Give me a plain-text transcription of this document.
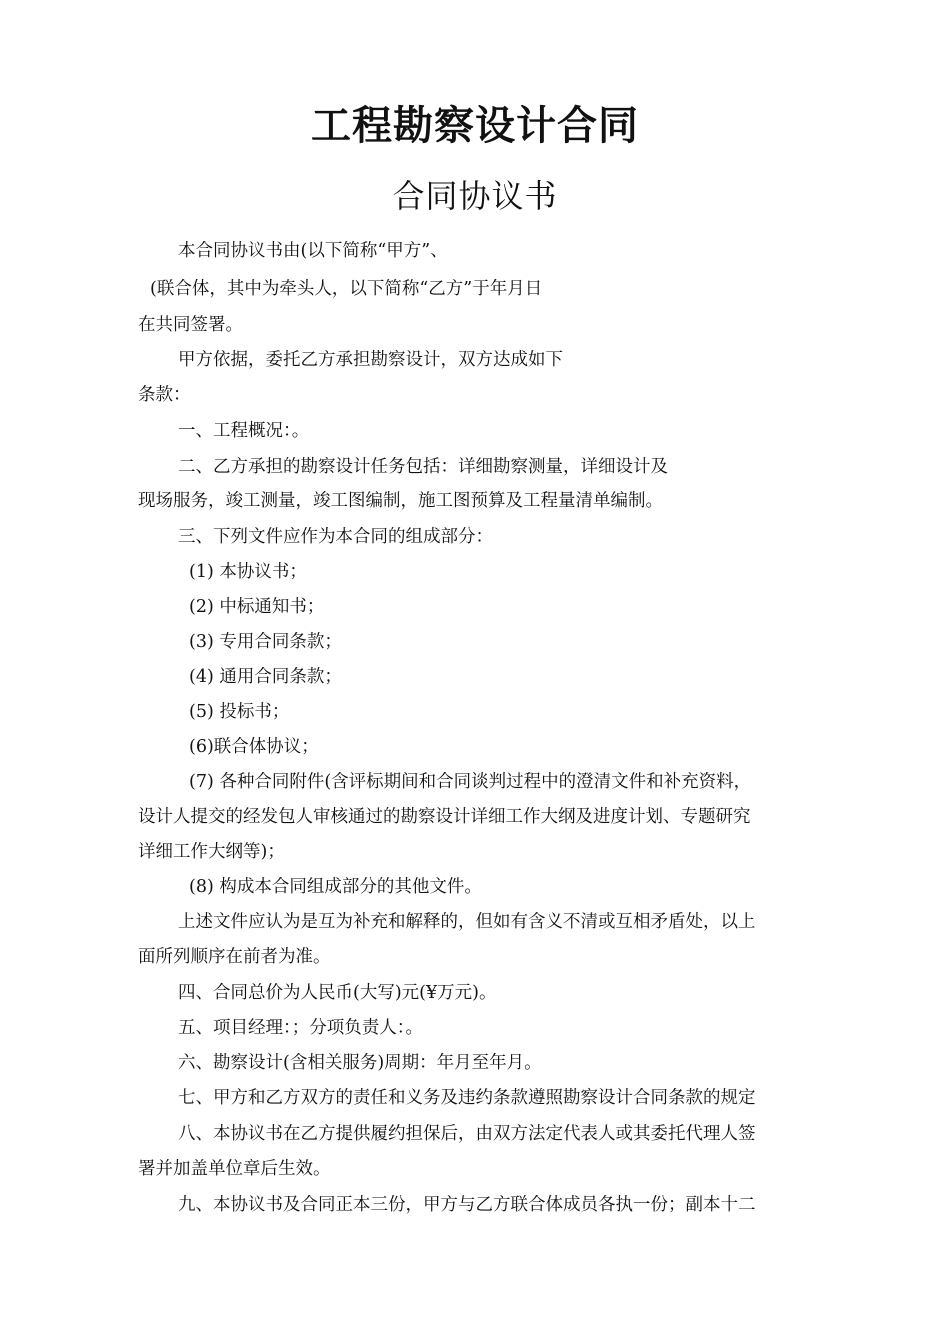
工程勘察设计合同
合同协议书

本合同协议书由(以下简称“甲方”、

(联合体，其中为牵头人，以下简称“乙方”于年月日

在共同签署。

甲方依据，委托乙方承担勘察设计，双方达成如下

条款：

一、工程概况：。

二、乙方承担的勘察设计任务包括：详细勘察测量，详细设计及

现场服务，竣工测量，竣工图编制，施工图预算及工程量清单编制。

三、下列文件应作为本合同的组成部分：

(1) 本协议书；

(2) 中标通知书；

(3) 专用合同条款；

(4) 通用合同条款；

(5) 投标书；

(6)联合体协议；

(7) 各种合同附件(含评标期间和合同谈判过程中的澄清文件和补充资料，

设计人提交的经发包人审核通过的勘察设计详细工作大纲及进度计划、专题研究

详细工作大纲等)；

(8) 构成本合同组成部分的其他文件。

上述文件应认为是互为补充和解释的，但如有含义不清或互相矛盾处，以上

面所列顺序在前者为准。

四、合同总价为人民币(大写)元(¥万元)。

五、项目经理：；分项负责人：。

六、勘察设计(含相关服务)周期：年月至年月。

七、甲方和乙方双方的责任和义务及违约条款遵照勘察设计合同条款的规定

八、本协议书在乙方提供履约担保后，由双方法定代表人或其委托代理人签

署并加盖单位章后生效。

九、本协议书及合同正本三份，甲方与乙方联合体成员各执一份；副本十二
